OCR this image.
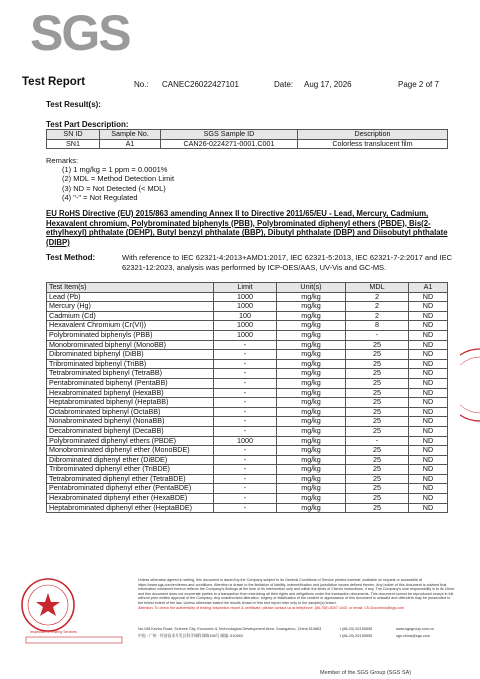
SGS
Test Report	No.: CANEC26022427101	Date: Aug 17, 2026	Page 2 of 7
Test Result(s):
Test Part Description:
SN ID	Sample No.	SGS Sample ID	Description
SN1	A1	CAN26-0224271-0001.C001	Colorless translucent film
Remarks:
(1) 1 mg/kg = 1 ppm = 0.0001%
(2) MDL = Method Detection Limit
(3) ND = Not Detected (< MDL)
(4) "-" = Not Regulated
EU RoHS Directive (EU) 2015/863 amending Annex II to Directive 2011/65/EU - Lead, Mercury, Cadmium, Hexavalent chromium, Polybrominated biphenyls (PBB), Polybrominated diphenyl ethers (PBDE), Bis(2-ethylhexyl) phthalate (DEHP), Butyl benzyl phthalate (BBP), Dibutyl phthalate (DBP) and Diisobutyl phthalate (DIBP)
Test Method:	With reference to IEC 62321-4:2013+AMD1:2017, IEC 62321-5:2013, IEC 62321-7-2:2017 and IEC 62321-12:2023, analysis was performed by ICP-OES/AAS, UV-Vis and GC-MS.
Test Item(s)	Limit	Unit(s)	MDL	A1
Lead (Pb)	1000	mg/kg	2	ND
Mercury (Hg)	1000	mg/kg	2	ND
Cadmium (Cd)	100	mg/kg	2	ND
Hexavalent Chromium (Cr(VI))	1000	mg/kg	8	ND
Polybrominated biphenyls (PBB)	1000	mg/kg	-	ND
Monobrominated biphenyl (MonoBB)	-	mg/kg	25	ND
Dibrominated biphenyl (DiBB)	-	mg/kg	25	ND
Tribrominated biphenyl (TriBB)	-	mg/kg	25	ND
Tetrabrominated biphenyl (TetraBB)	-	mg/kg	25	ND
Pentabrominated biphenyl (PentaBB)	-	mg/kg	25	ND
Hexabrominated biphenyl (HexaBB)	-	mg/kg	25	ND
Heptabrominated biphenyl (HeptaBB)	-	mg/kg	25	ND
Octabrominated biphenyl (OctaBB)	-	mg/kg	25	ND
Nonabrominated biphenyl (NonaBB)	-	mg/kg	25	ND
Decabrominated biphenyl (DecaBB)	-	mg/kg	25	ND
Polybrominated diphenyl ethers (PBDE)	1000	mg/kg	-	ND
Monobrominated diphenyl ether (MonoBDE)	-	mg/kg	25	ND
Dibrominated diphenyl ether (DiBDE)	-	mg/kg	25	ND
Tribrominated diphenyl ether (TriBDE)	-	mg/kg	25	ND
Tetrabrominated diphenyl ether (TetraBDE)	-	mg/kg	25	ND
Pentabrominated diphenyl ether (PentaBDE)	-	mg/kg	25	ND
Hexabrominated diphenyl ether (HexaBDE)	-	mg/kg	25	ND
Heptabrominated diphenyl ether (HeptaBDE)	-	mg/kg	25	ND
Inspection & Testing Services
Unless otherwise agreed in writing, this document is issued by the Company subject to its General Conditions of Service printed overleaf, available on request or accessible at https://www.sgs.com/en/terms-and-conditions. Attention is drawn to the limitation of liability, indemnification and jurisdiction issues defined therein. Any holder of this document is advised that information contained hereon reflects the Company's findings at the time of its intervention only and within the limits of Client's instructions, if any. The Company's sole responsibility is to its Client and this document does not exonerate parties to a transaction from exercising all their rights and obligations under the transaction documents. This document cannot be reproduced except in full, without prior written approval of the Company. Any unauthorized alteration, forgery or falsification of the content or appearance of this document is unlawful and offenders may be prosecuted to the fullest extent of the law. Unless otherwise stated the results shown in this test report refer only to the sample(s) tested.
Attention: To check the authenticity of testing /inspection report & certificate, please contact us at telephone: (86-755) 8307 1443, or email: CN.Doccheck@sgs.com
No.198 Kezhu Road, Science City, Economic & Technological Development Area, Guangzhou, China 510663
中国 · 广州 · 经济技术开发区科学城科珠路198号 邮编: 510663
t (86-20) 82155555
t (86-20) 82155555
www.sgsgroup.com.cn
sgs.china@sgs.com
Member of the SGS Group (SGS SA)
